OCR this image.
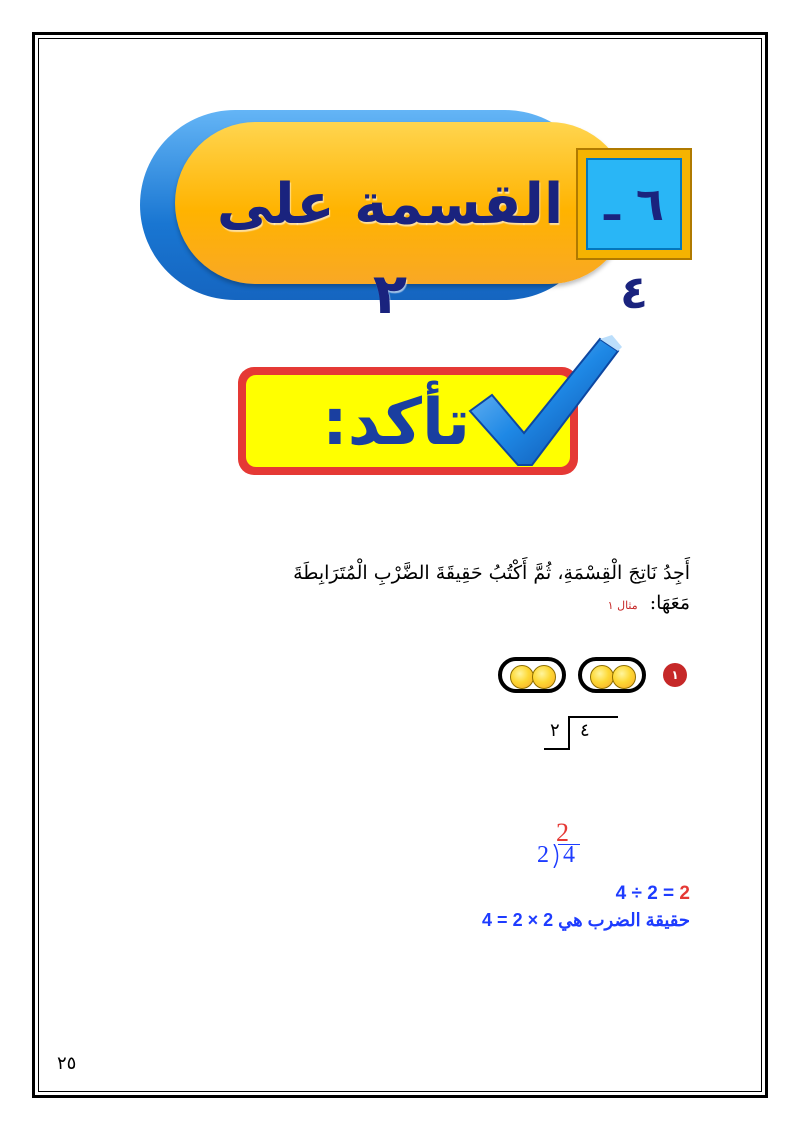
القسمة على ٢
٦ ـ ٤
تأكد:
أَجِدُ نَاتِجَ الْقِسْمَةِ، ثُمَّ أَكْتُبُ حَقِيقَةَ الضَّرْبِ الْمُتَرَابِطَةَ مَعَهَا: مثال ١
١
٢ ٤
2
2 4
4 ÷ 2 = 2
حقيقة الضرب هي 2 × 2 = 4
٢٥
